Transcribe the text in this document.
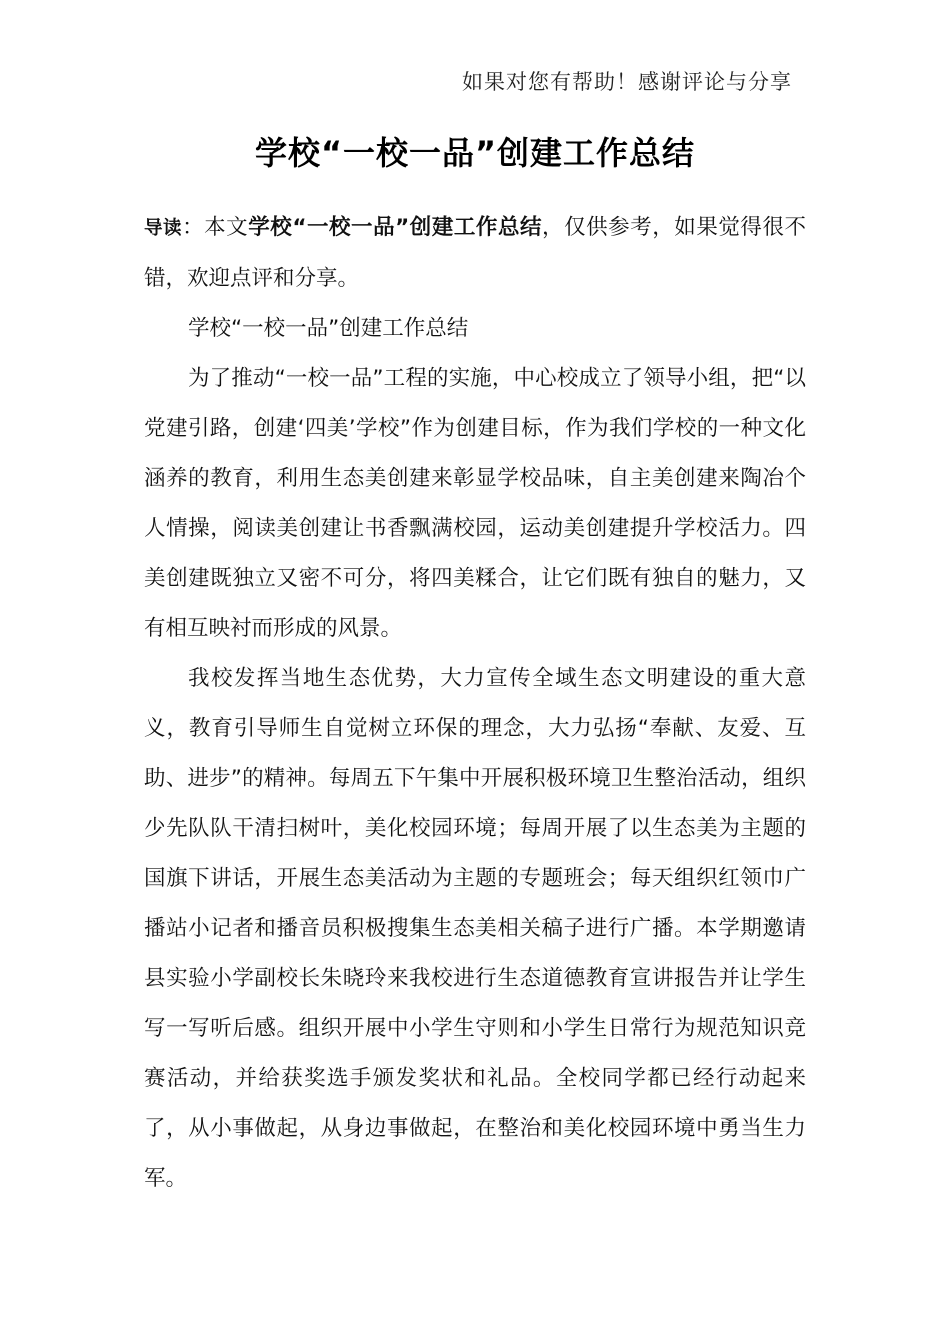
如果对您有帮助！感谢评论与分享
学校“一校一品”创建工作总结

导读：本文学校“一校一品”创建工作总结，仅供参考，如果觉得很不错，欢迎点评和分享。

学校“一校一品”创建工作总结

为了推动“一校一品”工程的实施，中心校成立了领导小组，把“以党建引路，创建‘四美’学校”作为创建目标，作为我们学校的一种文化涵养的教育，利用生态美创建来彰显学校品味，自主美创建来陶冶个人情操，阅读美创建让书香飘满校园，运动美创建提升学校活力。四美创建既独立又密不可分，将四美糅合，让它们既有独自的魅力，又有相互映衬而形成的风景。

我校发挥当地生态优势，大力宣传全域生态文明建设的重大意义，教育引导师生自觉树立环保的理念，大力弘扬“奉献、友爱、互助、进步”的精神。每周五下午集中开展积极环境卫生整治活动，组织少先队队干清扫树叶，美化校园环境；每周开展了以生态美为主题的国旗下讲话，开展生态美活动为主题的专题班会；每天组织红领巾广播站小记者和播音员积极搜集生态美相关稿子进行广播。本学期邀请县实验小学副校长朱晓玲来我校进行生态道德教育宣讲报告并让学生写一写听后感。组织开展中小学生守则和小学生日常行为规范知识竞赛活动，并给获奖选手颁发奖状和礼品。全校同学都已经行动起来了，从小事做起，从身边事做起，在整治和美化校园环境中勇当生力军。
